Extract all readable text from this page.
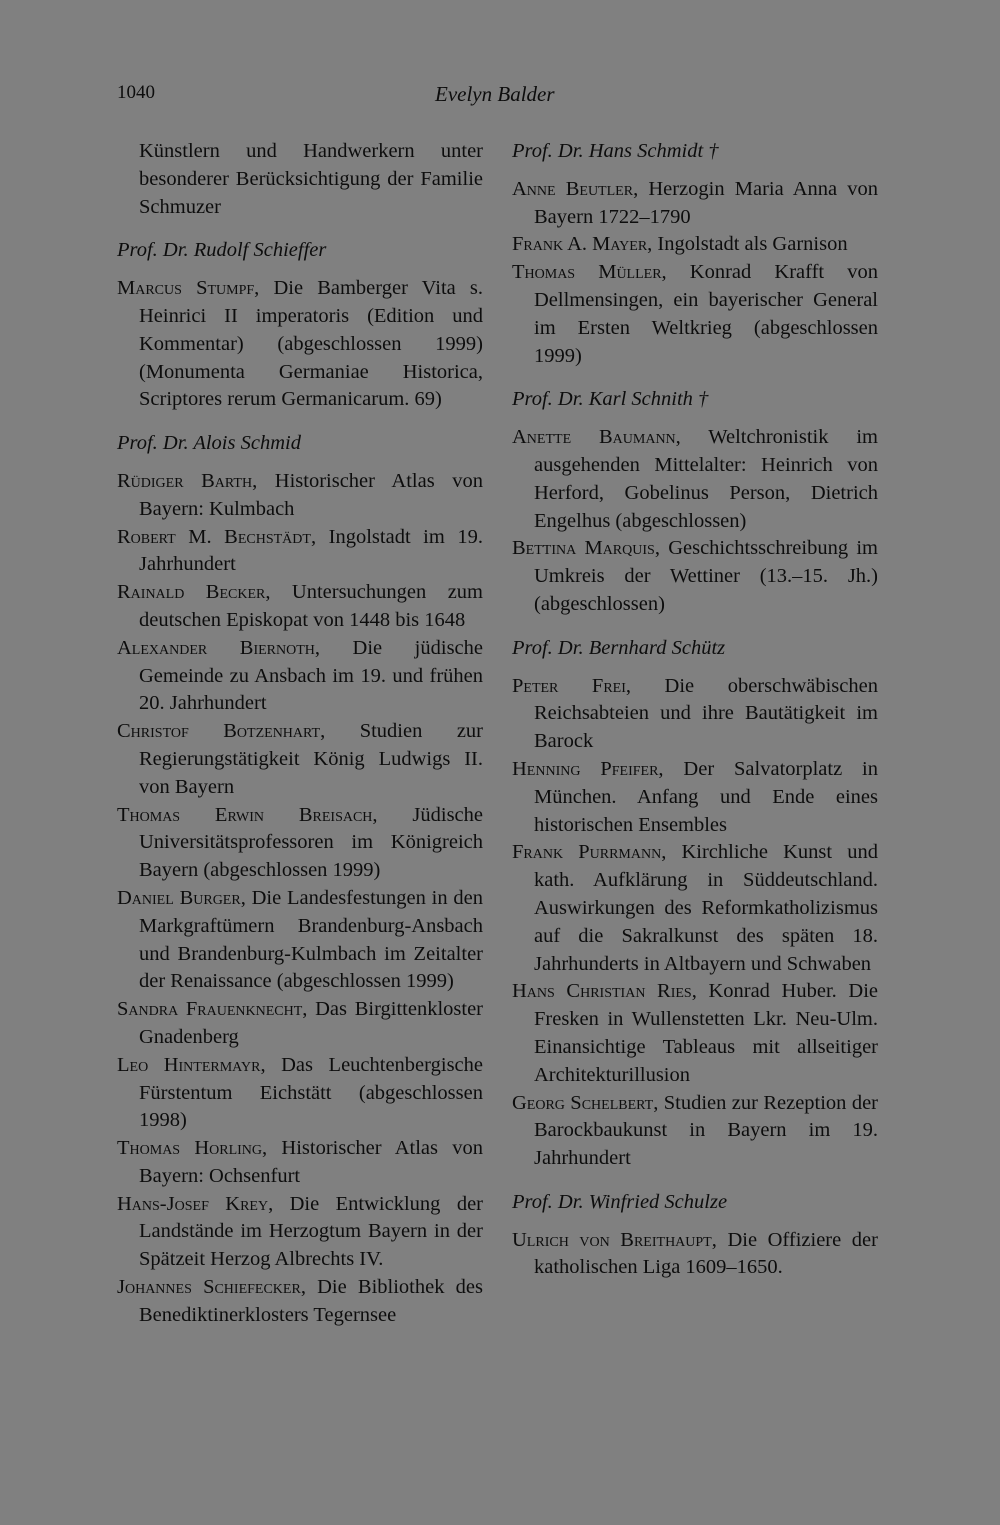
1040	Evelyn Balder
Künstlern und Handwerkern unter besonderer Berücksichtigung der Familie Schmuzer
Prof. Dr. Rudolf Schieffer
Marcus Stumpf, Die Bamberger Vita s. Heinrici II imperatoris (Edition und Kommentar) (abgeschlossen 1999) (Monumenta Germaniae Historica, Scriptores rerum Germanicarum. 69)
Prof. Dr. Alois Schmid
Rüdiger Barth, Historischer Atlas von Bayern: Kulmbach
Robert M. Bechstädt, Ingolstadt im 19. Jahrhundert
Rainald Becker, Untersuchungen zum deutschen Episkopat von 1448 bis 1648
Alexander Biernoth, Die jüdische Gemeinde zu Ansbach im 19. und frühen 20. Jahrhundert
Christof Botzenhart, Studien zur Regierungstätigkeit König Ludwigs II. von Bayern
Thomas Erwin Breisach, Jüdische Universitätsprofessoren im Königreich Bayern (abgeschlossen 1999)
Daniel Burger, Die Landesfestungen in den Markgraftümern Brandenburg-Ansbach und Brandenburg-Kulmbach im Zeitalter der Renaissance (abgeschlossen 1999)
Sandra Frauenknecht, Das Birgittenkloster Gnadenberg
Leo Hintermayr, Das Leuchtenbergische Fürstentum Eichstätt (abgeschlossen 1998)
Thomas Horling, Historischer Atlas von Bayern: Ochsenfurt
Hans-Josef Krey, Die Entwicklung der Landstände im Herzogtum Bayern in der Spätzeit Herzog Albrechts IV.
Johannes Schiefecker, Die Bibliothek des Benediktinerklosters Tegernsee
Prof. Dr. Hans Schmidt †
Anne Beutler, Herzogin Maria Anna von Bayern 1722–1790
Frank A. Mayer, Ingolstadt als Garnison
Thomas Müller, Konrad Krafft von Dellmensingen, ein bayerischer General im Ersten Weltkrieg (abgeschlossen 1999)
Prof. Dr. Karl Schnith †
Anette Baumann, Weltchronistik im ausgehenden Mittelalter: Heinrich von Herford, Gobelinus Person, Dietrich Engelhus (abgeschlossen)
Bettina Marquis, Geschichtsschreibung im Umkreis der Wettiner (13.–15. Jh.) (abgeschlossen)
Prof. Dr. Bernhard Schütz
Peter Frei, Die oberschwäbischen Reichsabteien und ihre Bautätigkeit im Barock
Henning Pfeifer, Der Salvatorplatz in München. Anfang und Ende eines historischen Ensembles
Frank Purrmann, Kirchliche Kunst und kath. Aufklärung in Süddeutschland. Auswirkungen des Reformkatholizismus auf die Sakralkunst des späten 18. Jahrhunderts in Altbayern und Schwaben
Hans Christian Ries, Konrad Huber. Die Fresken in Wullenstetten Lkr. Neu-Ulm. Einansichtige Tableaus mit allseitiger Architekturillusion
Georg Schelbert, Studien zur Rezeption der Barockbaukunst in Bayern im 19. Jahrhundert
Prof. Dr. Winfried Schulze
Ulrich von Breithaupt, Die Offiziere der katholischen Liga 1609–1650.
